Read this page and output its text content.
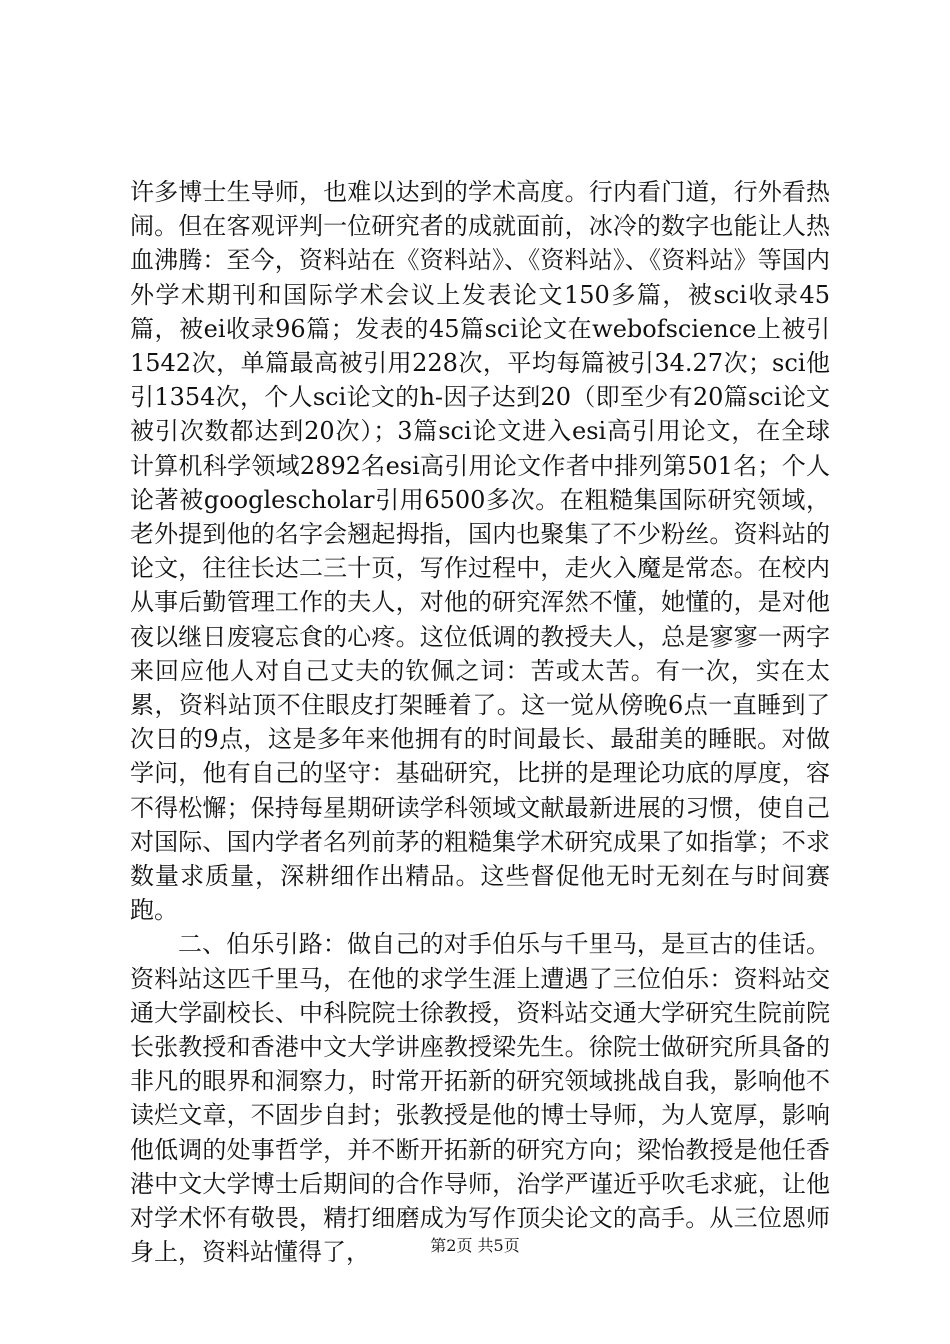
许多博士生导师，也难以达到的学术高度。行内看门道，行外看热闹。但在客观评判一位研究者的成就面前，冰冷的数字也能让人热血沸腾：至今，资料站在《资料站》、《资料站》、《资料站》等国内外学术期刊和国际学术会议上发表论文150多篇，被sci收录45篇，被ei收录96篇；发表的45篇sci论文在webofscience上被引1542次，单篇最高被引用228次，平均每篇被引34.27次；sci他引1354次，个人sci论文的h-因子达到20（即至少有20篇sci论文被引次数都达到20次）；3篇sci论文进入esi高引用论文，在全球计算机科学领域2892名esi高引用论文作者中排列第501名；个人论著被googlescholar引用6500多次。在粗糙集国际研究领域，老外提到他的名字会翘起拇指，国内也聚集了不少粉丝。资料站的论文，往往长达二三十页，写作过程中，走火入魔是常态。在校内从事后勤管理工作的夫人，对他的研究浑然不懂，她懂的，是对他夜以继日废寝忘食的心疼。这位低调的教授夫人，总是寥寥一两字来回应他人对自己丈夫的钦佩之词：苦或太苦。有一次，实在太累，资料站顶不住眼皮打架睡着了。这一觉从傍晚6点一直睡到了次日的9点，这是多年来他拥有的时间最长、最甜美的睡眠。对做学问，他有自己的坚守：基础研究，比拼的是理论功底的厚度，容不得松懈；保持每星期研读学科领域文献最新进展的习惯，使自己对国际、国内学者名列前茅的粗糙集学术研究成果了如指掌；不求数量求质量，深耕细作出精品。这些督促他无时无刻在与时间赛跑。

二、伯乐引路：做自己的对手伯乐与千里马，是亘古的佳话。资料站这匹千里马，在他的求学生涯上遭遇了三位伯乐：资料站交通大学副校长、中科院院士徐教授，资料站交通大学研究生院前院长张教授和香港中文大学讲座教授梁先生。徐院士做研究所具备的非凡的眼界和洞察力，时常开拓新的研究领域挑战自我，影响他不读烂文章，不固步自封；张教授是他的博士导师，为人宽厚，影响他低调的处事哲学，并不断开拓新的研究方向；梁怡教授是他任香港中文大学博士后期间的合作导师，治学严谨近乎吹毛求疵，让他对学术怀有敬畏，精打细磨成为写作顶尖论文的高手。从三位恩师身上，资料站懂得了，	第2页 共5页
